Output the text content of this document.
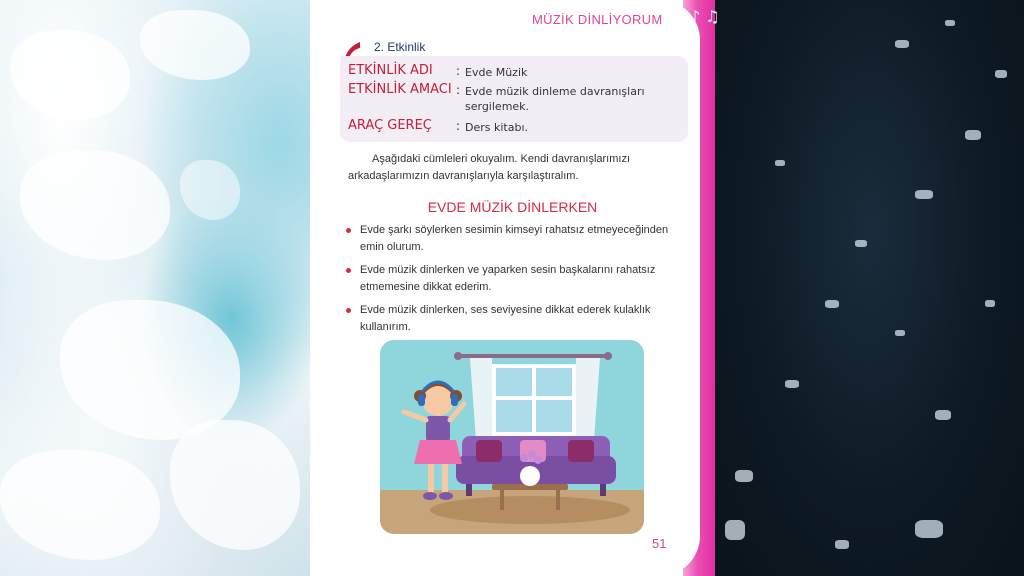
♪ ♫
MÜZİK DİNLİYORUM
2. Etkinlik
ETKİNLİK ADI : Evde Müzik
ETKİNLİK AMACI : Evde müzik dinleme davranışları sergilemek.
ARAÇ GEREÇ : Ders kitabı.
Aşağıdaki cümleleri okuyalım. Kendi davranışlarımızı arkadaşlarımızın davranışlarıyla karşılaştıralım.
EVDE MÜZİK DİNLERKEN
Evde şarkı söylerken sesimin kimseyi rahatsız etmeyeceğinden emin olurum.
Evde müzik dinlerken ve yaparken sesin başkalarını rahatsız etmemesine dikkat ederim.
Evde müzik dinlerken, ses seviyesine dikkat ederek kulaklık kullanırım.
51
